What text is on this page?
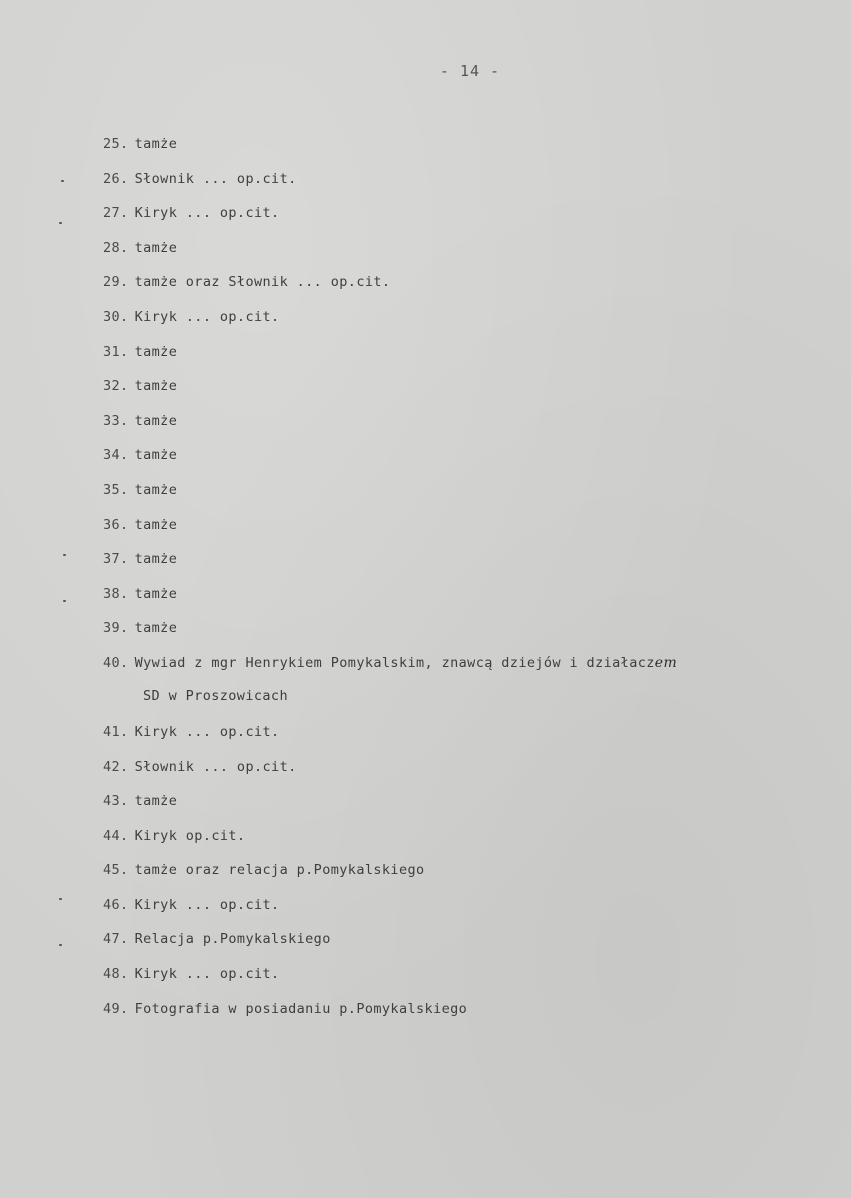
- 14 -
25. tamże
26. Słownik ... op.cit.
27. Kiryk ... op.cit.
28. tamże
29. tamże oraz Słownik ... op.cit.
30. Kiryk ... op.cit.
31. tamże
32. tamże
33. tamże
34. tamże
35. tamże
36. tamże
37. tamże
38. tamże
39. tamże
40. Wywiad z mgr Henrykiem Pomykalskim, znawcą dziejów i działaczem
SD w Proszowicach
41. Kiryk ... op.cit.
42. Słownik ... op.cit.
43. tamże
44. Kiryk op.cit.
45. tamże oraz relacja p.Pomykalskiego
46. Kiryk ... op.cit.
47. Relacja p.Pomykalskiego
48. Kiryk ... op.cit.
49. Fotografia w posiadaniu p.Pomykalskiego
